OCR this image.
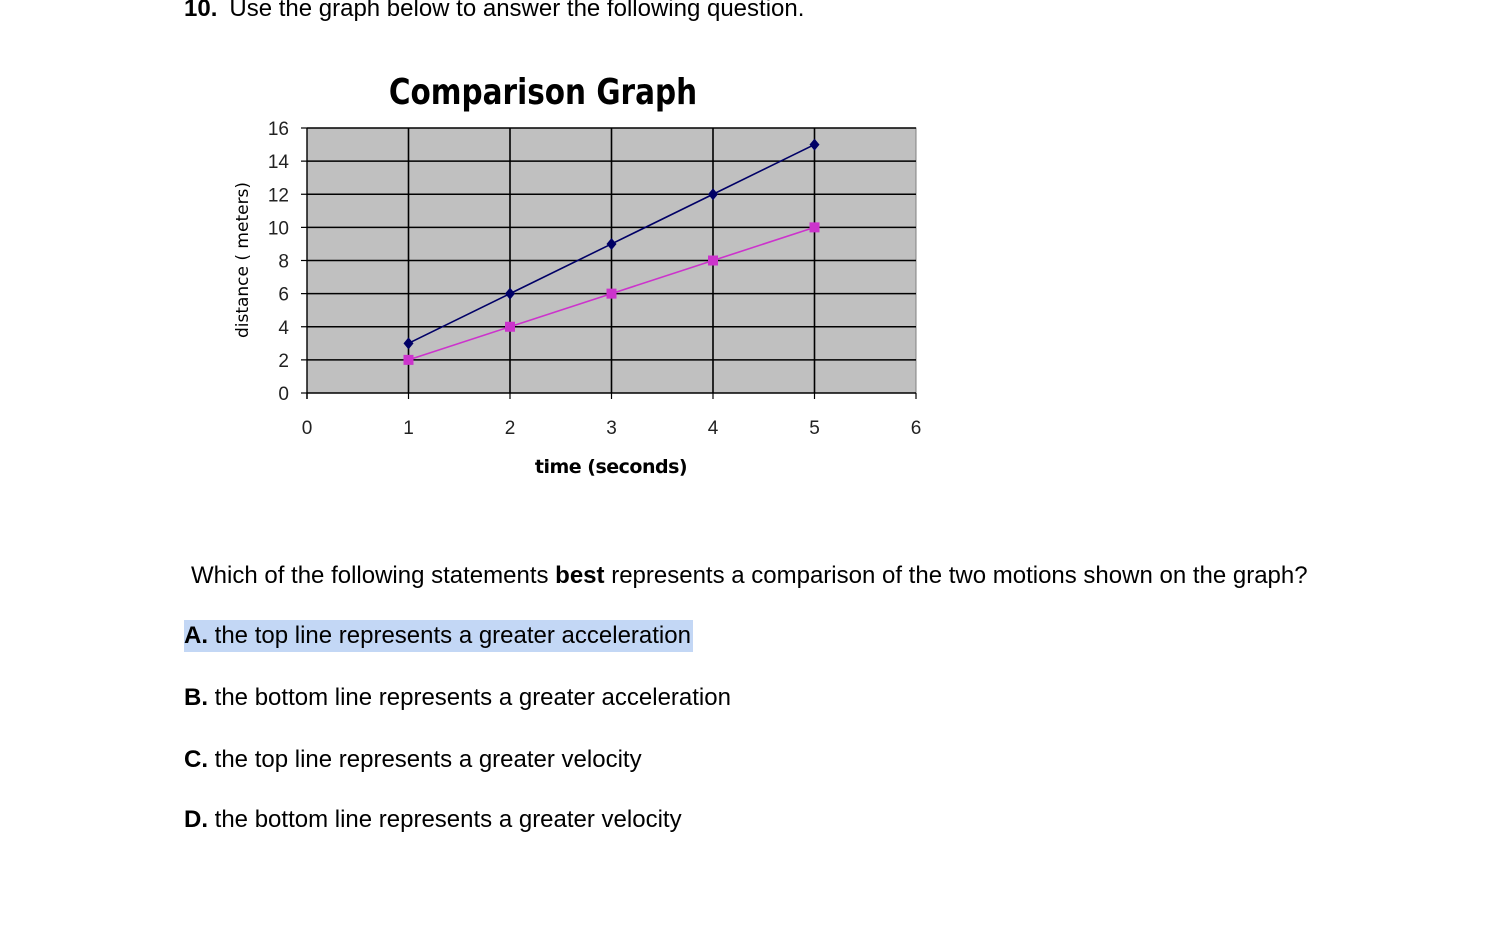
10. Use the graph below to answer the following question.
Comparison Graph
0
2
4
6
8
10
12
14
16
0	1	2	3	4	5	6
time (seconds)
distance ( meters)
Which of the following statements best represents a comparison of the two motions shown on the graph?
A. the top line represents a greater acceleration
B. the bottom line represents a greater acceleration
C. the top line represents a greater velocity
D. the bottom line represents a greater velocity
